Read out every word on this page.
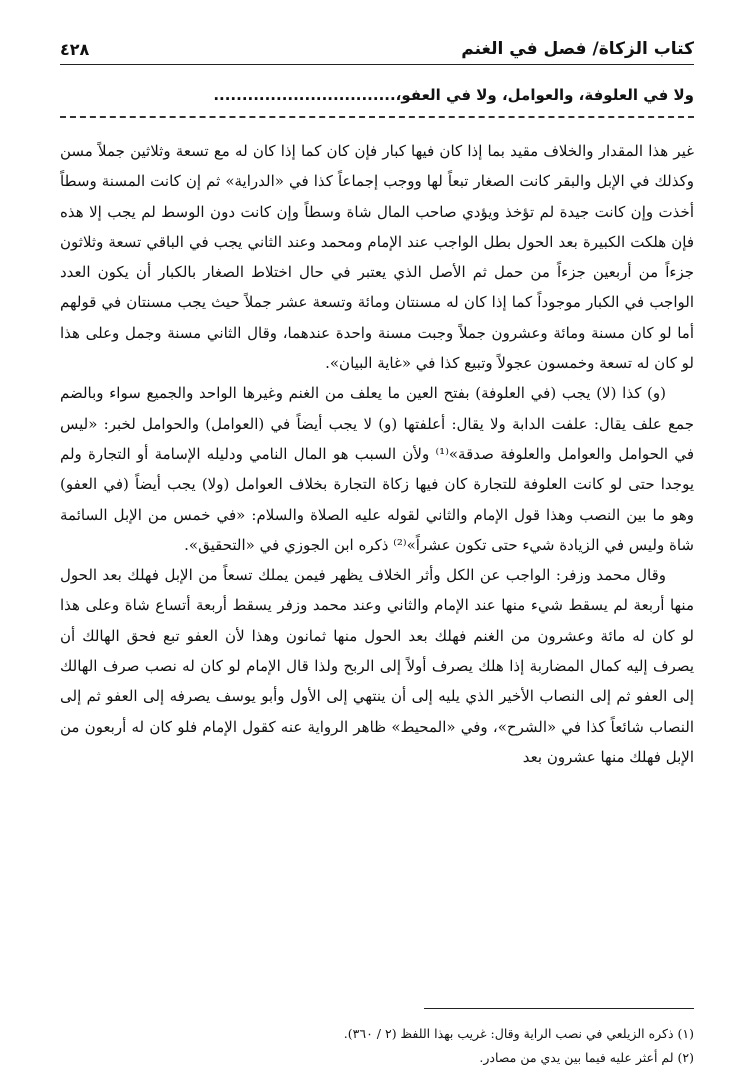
كتاب الزكاة/ فصل في الغنم
٤٢٨
ولا في العلوفة، والعوامل، ولا في العفو،................................

غير هذا المقدار والخلاف مقيد بما إذا كان فيها كبار فإن كان كما إذا كان له مع تسعة وثلاثين جملاً مسن وكذلك في الإبل والبقر كانت الصغار تبعاً لها ووجب إجماعاً كذا في «الدراية» ثم إن كانت المسنة وسطاً أخذت وإن كانت جيدة لم تؤخذ ويؤدي صاحب المال شاة وسطاً وإن كانت دون الوسط لم يجب إلا هذه فإن هلكت الكبيرة بعد الحول بطل الواجب عند الإمام ومحمد وعند الثاني يجب في الباقي تسعة وثلاثون جزءاً من أربعين جزءاً من حمل ثم الأصل الذي يعتبر في حال اختلاط الصغار بالكبار أن يكون العدد الواجب في الكبار موجوداً كما إذا كان له مسنتان ومائة وتسعة عشر جملاً حيث يجب مسنتان في قولهم أما لو كان مسنة ومائة وعشرون جملاً وجبت مسنة واحدة عندهما، وقال الثاني مسنة وجمل وعلى هذا لو كان له تسعة وخمسون عجولاً وتبيع كذا في «غاية البيان».

(و) كذا (لا) يجب (في العلوفة) بفتح العين ما يعلف من الغنم وغيرها الواحد والجميع سواء وبالضم جمع علف يقال: علفت الدابة ولا يقال: أعلفتها (و) لا يجب أيضاً في (العوامل) والحوامل لخبر: «ليس في الحوامل والعوامل والعلوفة صدقة»⁽¹⁾ ولأن السبب هو المال النامي ودليله الإسامة أو التجارة ولم يوجدا حتى لو كانت العلوفة للتجارة كان فيها زكاة التجارة بخلاف العوامل (ولا) يجب أيضاً (في العفو) وهو ما بين النصب وهذا قول الإمام والثاني لقوله عليه الصلاة والسلام: «في خمس من الإبل السائمة شاة وليس في الزيادة شيء حتى تكون عشراً»⁽²⁾ ذكره ابن الجوزي في «التحقيق».

وقال محمد وزفر: الواجب عن الكل وأثر الخلاف يظهر فيمن يملك تسعاً من الإبل فهلك بعد الحول منها أربعة لم يسقط شيء منها عند الإمام والثاني وعند محمد وزفر يسقط أربعة أتساع شاة وعلى هذا لو كان له مائة وعشرون من الغنم فهلك بعد الحول منها ثمانون وهذا لأن العفو تبع فحق الهالك أن يصرف إليه كمال المضاربة إذا هلك يصرف أولاً إلى الربح ولذا قال الإمام لو كان له نصب صرف الهالك إلى العفو ثم إلى النصاب الأخير الذي يليه إلى أن ينتهي إلى الأول وأبو يوسف يصرفه إلى العفو ثم إلى النصاب شائعاً كذا في «الشرح»، وفي «المحيط» ظاهر الرواية عنه كقول الإمام فلو كان له أربعون من الإبل فهلك منها عشرون بعد

(١) ذكره الزيلعي في نصب الراية وقال: غريب بهذا اللفظ (٢ / ٣٦٠).
(٢) لم أعثر عليه فيما بين يدي من مصادر.
